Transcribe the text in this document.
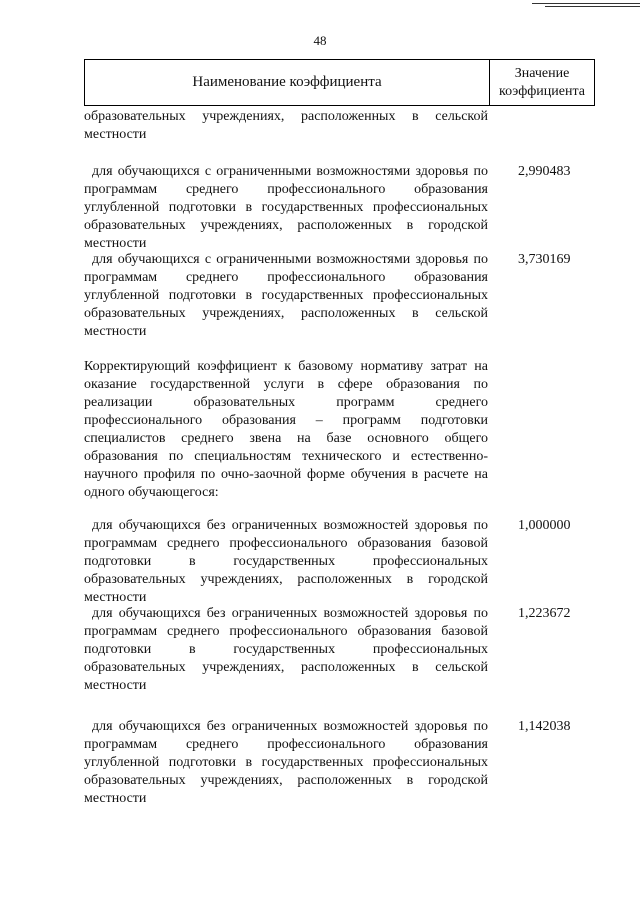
48
Наименование коэффициента
Значение коэффициента
образовательных учреждениях, расположенных в сельской местности
для обучающихся с ограниченными возможностями здоровья по программам среднего профессионального образования углубленной подготовки в государственных профессиональных образовательных учреждениях, расположенных в городской местности
2,990483
для обучающихся с ограниченными возможностями здоровья по программам среднего профессионального образования углубленной подготовки в государственных профессиональных образовательных учреждениях, расположенных в сельской местности
3,730169
Корректирующий коэффициент к базовому нормативу затрат на оказание государственной услуги в сфере образования по реализации образовательных программ среднего профессионального образования – программ подготовки специалистов среднего звена на базе основного общего образования по специальностям технического и естественно-научного профиля по очно-заочной форме обучения в расчете на одного обучающегося:
для обучающихся без ограниченных возможностей здоровья по программам среднего профессионального образования базовой подготовки в государственных профессиональных образовательных учреждениях, расположенных в городской местности
1,000000
для обучающихся без ограниченных возможностей здоровья по программам среднего профессионального образования базовой подготовки в государственных профессиональных образовательных учреждениях, расположенных в сельской местности
1,223672
для обучающихся без ограниченных возможностей здоровья по программам среднего профессионального образования углубленной подготовки в государственных профессиональных образовательных учреждениях, расположенных в городской местности
1,142038
